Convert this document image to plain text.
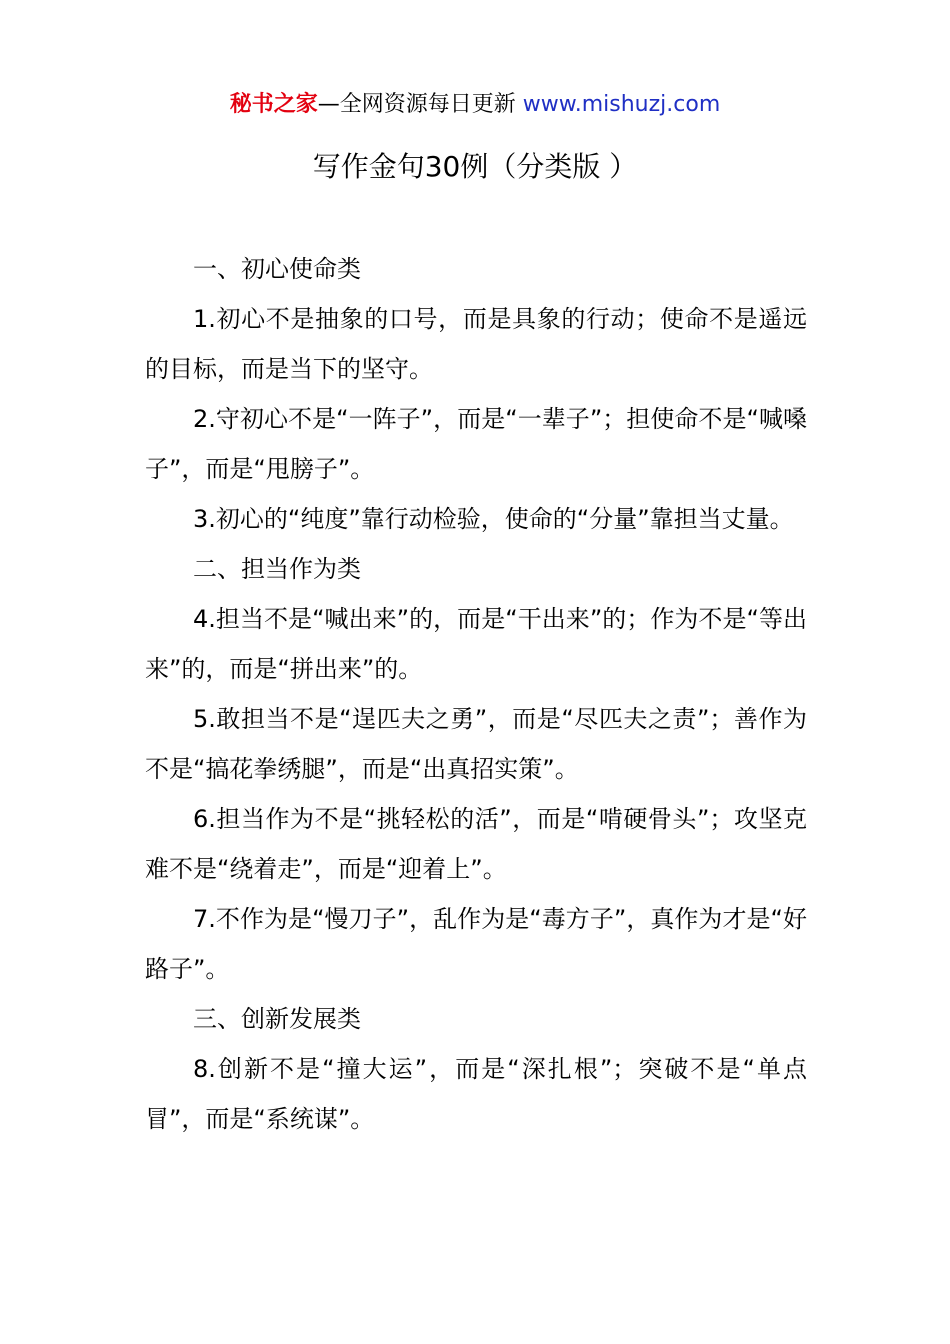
秘书之家—全网资源每日更新 www.mishuzj.com
写作金句30例（分类版 ）

一、初心使命类

1.初心不是抽象的口号，而是具象的行动；使命不是遥远的目标，而是当下的坚守。

2.守初心不是“一阵子”，而是“一辈子”；担使命不是“喊嗓子”，而是“甩膀子”。

3.初心的“纯度”靠行动检验，使命的“分量”靠担当丈量。

二、担当作为类

4.担当不是“喊出来”的，而是“干出来”的；作为不是“等出来”的，而是“拼出来”的。

5.敢担当不是“逞匹夫之勇”，而是“尽匹夫之责”；善作为不是“搞花拳绣腿”，而是“出真招实策”。

6.担当作为不是“挑轻松的活”，而是“啃硬骨头”；攻坚克难不是“绕着走”，而是“迎着上”。

7.不作为是“慢刀子”，乱作为是“毒方子”，真作为才是“好路子”。

三、创新发展类

8.创新不是“撞大运”，而是“深扎根”；突破不是“单点冒”，而是“系统谋”。
